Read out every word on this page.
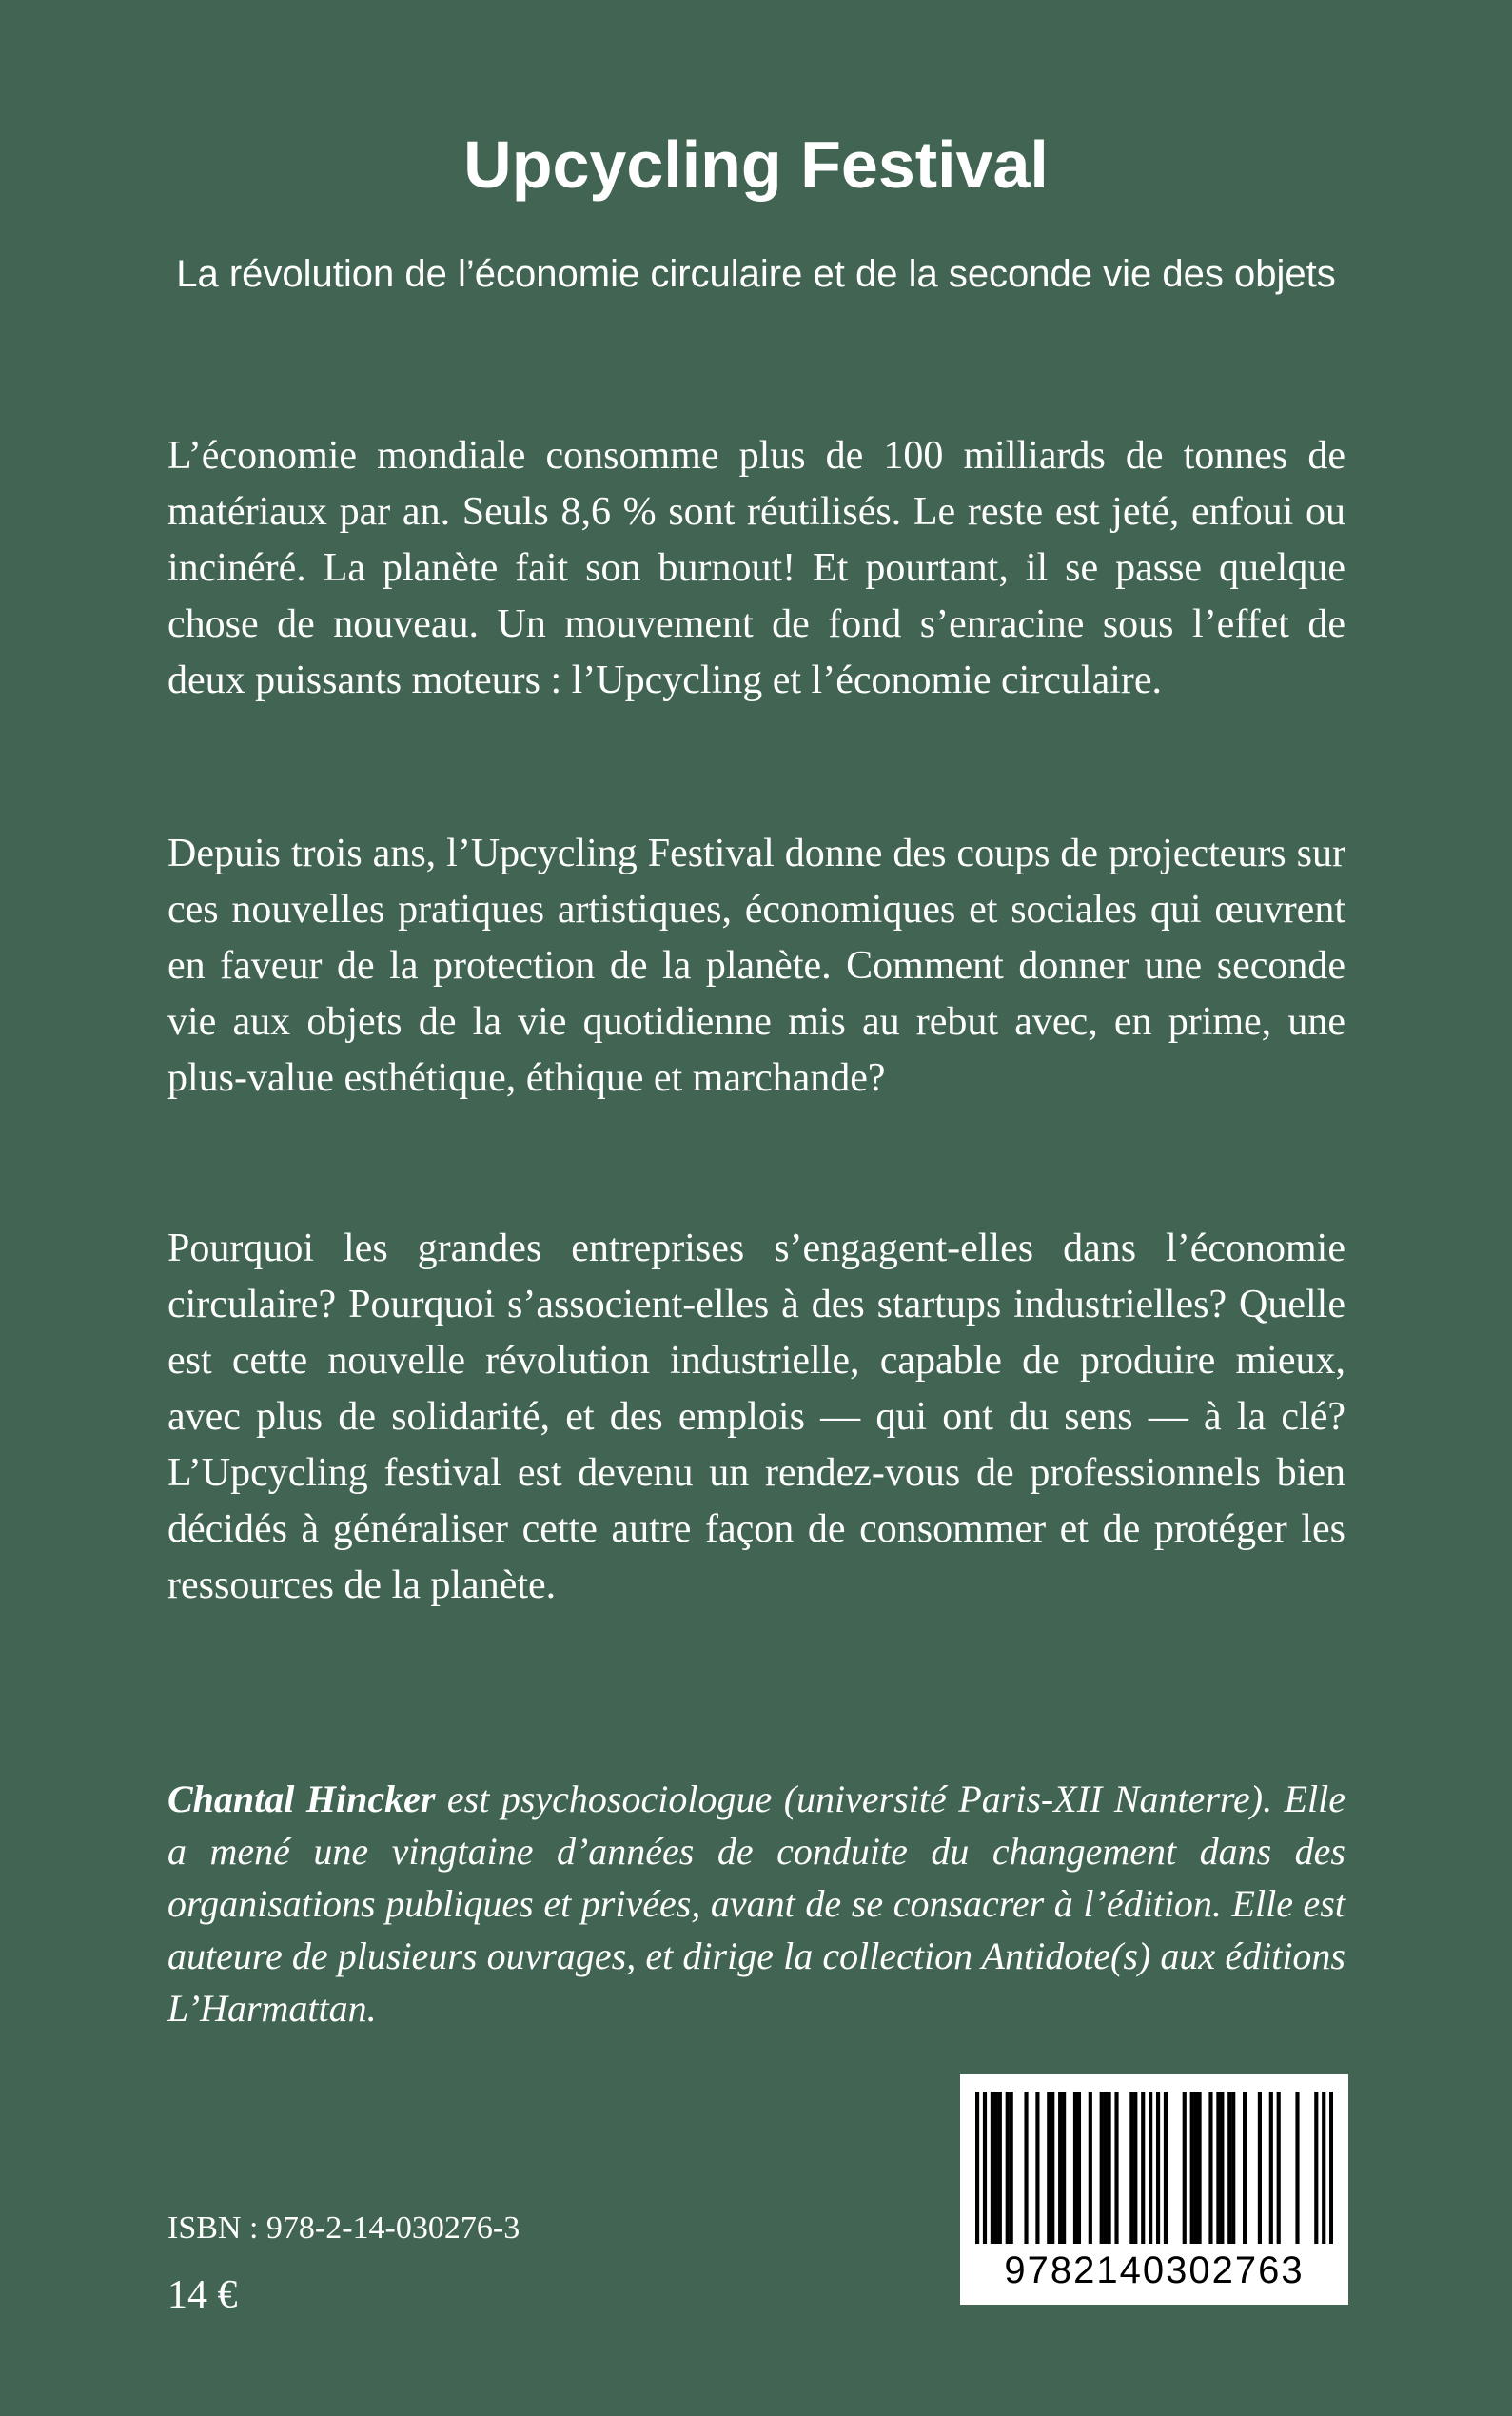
Upcycling Festival

La révolution de l’économie circulaire et de la seconde vie des objets

L’économie mondiale consomme plus de 100 milliards de tonnes de matériaux par an. Seuls 8,6 % sont réutilisés. Le reste est jeté, enfoui ou incinéré. La planète fait son burnout! Et pourtant, il se passe quelque chose de nouveau. Un mouvement de fond s’enracine sous l’effet de deux puissants moteurs : l’Upcycling et l’économie circulaire.

Depuis trois ans, l’Upcycling Festival donne des coups de projecteurs sur ces nouvelles pratiques artistiques, économiques et sociales qui œuvrent en faveur de la protection de la planète. Comment donner une seconde vie aux objets de la vie quotidienne mis au rebut avec, en prime, une plus-value esthétique, éthique et marchande?

Pourquoi les grandes entreprises s’engagent-elles dans l’économie circulaire? Pourquoi s’associent-elles à des startups industrielles? Quelle est cette nouvelle révolution industrielle, capable de produire mieux, avec plus de solidarité, et des emplois — qui ont du sens — à la clé? L’Upcycling festival est devenu un rendez-vous de professionnels bien décidés à généraliser cette autre façon de consommer et de protéger les ressources de la planète.

Chantal Hincker est psychosociologue (université Paris-XII Nanterre). Elle a mené une vingtaine d’années de conduite du changement dans des organisations publiques et privées, avant de se consacrer à l’édition. Elle est auteure de plusieurs ouvrages, et dirige la collection Antidote(s) aux éditions L’Harmattan.

ISBN : 978-2-14-030276-3

14 €

9782140302763
